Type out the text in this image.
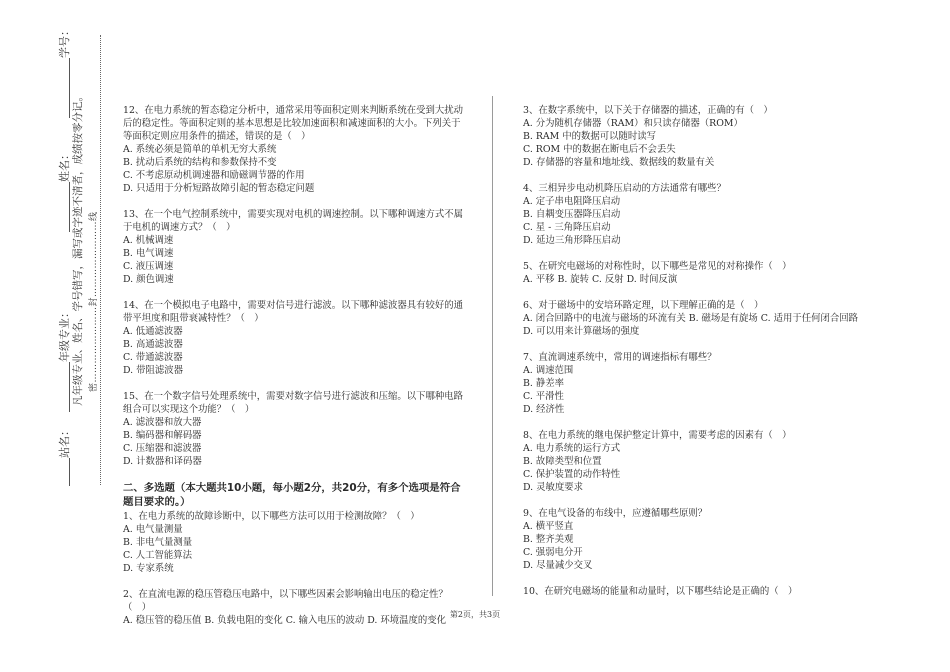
学号：
姓名：
年级专业：
站名：
凡年级专业、姓名、学号错写，漏写或字迹不清者，成绩按零分记。 密……………………封……………………线

12、在电力系统的暂态稳定分析中，通常采用等面积定则来判断系统在受到大扰动后的稳定性。等面积定则的基本思想是比较加速面积和减速面积的大小。下列关于等面积定则应用条件的描述，错误的是（　）

A. 系统必须是简单的单机无穷大系统

B. 扰动后系统的结构和参数保持不变

C. 不考虑原动机调速器和励磁调节器的作用

D. 只适用于分析短路故障引起的暂态稳定问题

13、在一个电气控制系统中，需要实现对电机的调速控制。以下哪种调速方式不属于电机的调速方式？（　）

A. 机械调速

B. 电气调速

C. 液压调速

D. 颜色调速

14、在一个模拟电子电路中，需要对信号进行滤波。以下哪种滤波器具有较好的通带平坦度和阻带衰减特性？（　）

A. 低通滤波器

B. 高通滤波器

C. 带通滤波器

D. 带阻滤波器

15、在一个数字信号处理系统中，需要对数字信号进行滤波和压缩。以下哪种电路组合可以实现这个功能？（　）

A. 滤波器和放大器

B. 编码器和解码器

C. 压缩器和滤波器

D. 计数器和译码器

二、多选题（本大题共10小题，每小题2分，共20分，有多个选项是符合题目要求的。）

1、在电力系统的故障诊断中，以下哪些方法可以用于检测故障？（　）

A. 电气量测量

B. 非电气量测量

C. 人工智能算法

D. 专家系统

2、在直流电源的稳压管稳压电路中，以下哪些因素会影响输出电压的稳定性？（　）

A. 稳压管的稳压值 B. 负载电阻的变化 C. 输入电压的波动 D. 环境温度的变化

3、在数字系统中，以下关于存储器的描述，正确的有（　）

A. 分为随机存储器（RAM）和只读存储器（ROM）

B. RAM 中的数据可以随时读写

C. ROM 中的数据在断电后不会丢失

D. 存储器的容量和地址线、数据线的数量有关

4、三相异步电动机降压启动的方法通常有哪些？

A. 定子串电阻降压启动

B. 自耦变压器降压启动

C. 星 - 三角降压启动

D. 延边三角形降压启动

5、在研究电磁场的对称性时，以下哪些是常见的对称操作（　）

A. 平移 B. 旋转 C. 反射 D. 时间反演

6、对于磁场中的安培环路定理，以下理解正确的是（　）

A. 闭合回路中的电流与磁场的环流有关 B. 磁场是有旋场 C. 适用于任何闭合回路 D. 可以用来计算磁场的强度

7、直流调速系统中，常用的调速指标有哪些？

A. 调速范围

B. 静差率

C. 平滑性

D. 经济性

8、在电力系统的继电保护整定计算中，需要考虑的因素有（　）

A. 电力系统的运行方式

B. 故障类型和位置

C. 保护装置的动作特性

D. 灵敏度要求

9、在电气设备的布线中，应遵循哪些原则？

A. 横平竖直

B. 整齐美观

C. 强弱电分开

D. 尽量减少交叉

10、在研究电磁场的能量和动量时，以下哪些结论是正确的（　）

第2页，共3页
